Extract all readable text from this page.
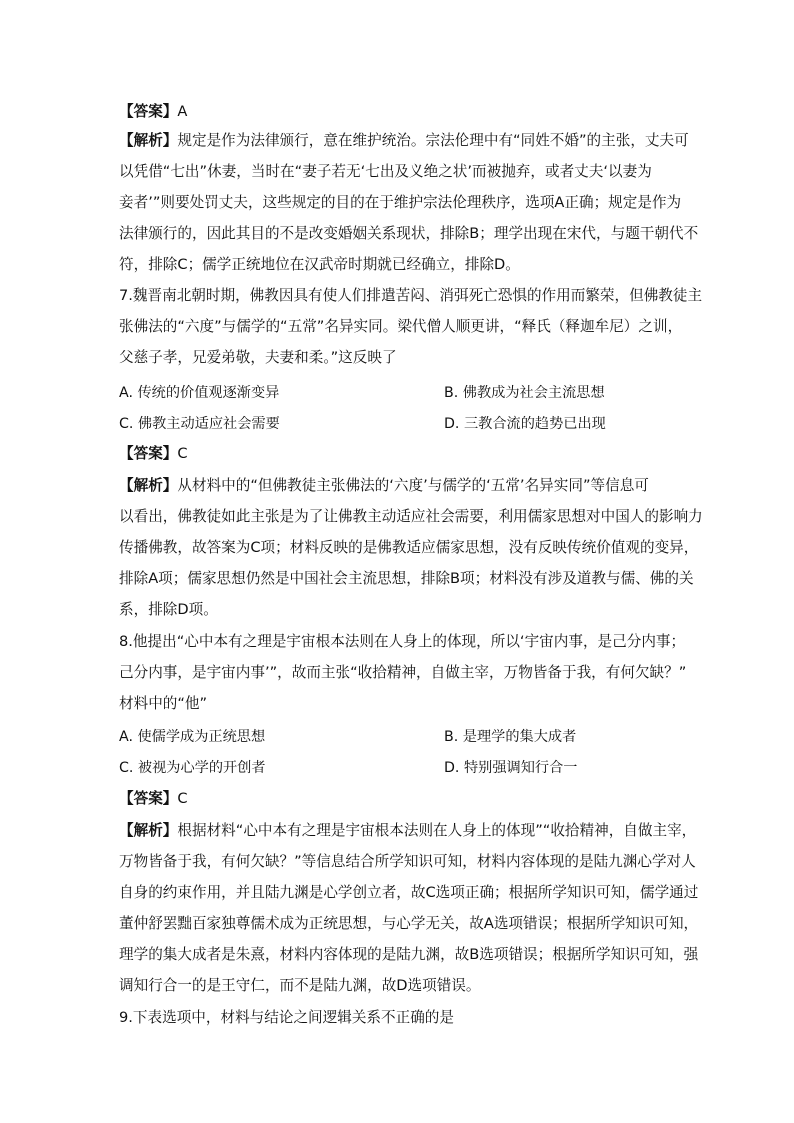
【答案】A
【解析】规定是作为法律颁行，意在维护统治。宗法伦理中有“同姓不婚”的主张，丈夫可
以凭借“七出”休妻，当时在“妻子若无‘七出及义绝之状’而被抛弃，或者丈夫‘以妻为
妾者’”则要处罚丈夫，这些规定的目的在于维护宗法伦理秩序，选项A正确；规定是作为
法律颁行的，因此其目的不是改变婚姻关系现状，排除B；理学出现在宋代，与题干朝代不
符，排除C；儒学正统地位在汉武帝时期就已经确立，排除D。
7.魏晋南北朝时期，佛教因具有使人们排遣苦闷、消弭死亡恐惧的作用而繁荣，但佛教徒主
张佛法的“六度”与儒学的“五常”名异实同。梁代僧人顺更讲，“释氏（释迦牟尼）之训，
父慈子孝，兄爱弟敬，夫妻和柔。”这反映了
A. 传统的价值观逐渐变异	B. 佛教成为社会主流思想
C. 佛教主动适应社会需要	D. 三教合流的趋势已出现
【答案】C
【解析】从材料中的“但佛教徒主张佛法的‘六度’与儒学的‘五常’名异实同”等信息可
以看出，佛教徒如此主张是为了让佛教主动适应社会需要，利用儒家思想对中国人的影响力
传播佛教，故答案为C项；材料反映的是佛教适应儒家思想，没有反映传统价值观的变异，
排除A项；儒家思想仍然是中国社会主流思想，排除B项；材料没有涉及道教与儒、佛的关
系，排除D项。
8.他提出“心中本有之理是宇宙根本法则在人身上的体现，所以‘宇宙内事，是己分内事；
己分内事，是宇宙内事’”，故而主张“收拾精神，自做主宰，万物皆备于我，有何欠缺？”
材料中的“他”
A. 使儒学成为正统思想	B. 是理学的集大成者
C. 被视为心学的开创者	D. 特别强调知行合一
【答案】C
【解析】根据材料“心中本有之理是宇宙根本法则在人身上的体现”“收拾精神，自做主宰，
万物皆备于我，有何欠缺？”等信息结合所学知识可知，材料内容体现的是陆九渊心学对人
自身的约束作用，并且陆九渊是心学创立者，故C选项正确；根据所学知识可知，儒学通过
董仲舒罢黜百家独尊儒术成为正统思想，与心学无关，故A选项错误；根据所学知识可知，
理学的集大成者是朱熹，材料内容体现的是陆九渊，故B选项错误；根据所学知识可知，强
调知行合一的是王守仁，而不是陆九渊，故D选项错误。
9.下表选项中，材料与结论之间逻辑关系不正确的是
